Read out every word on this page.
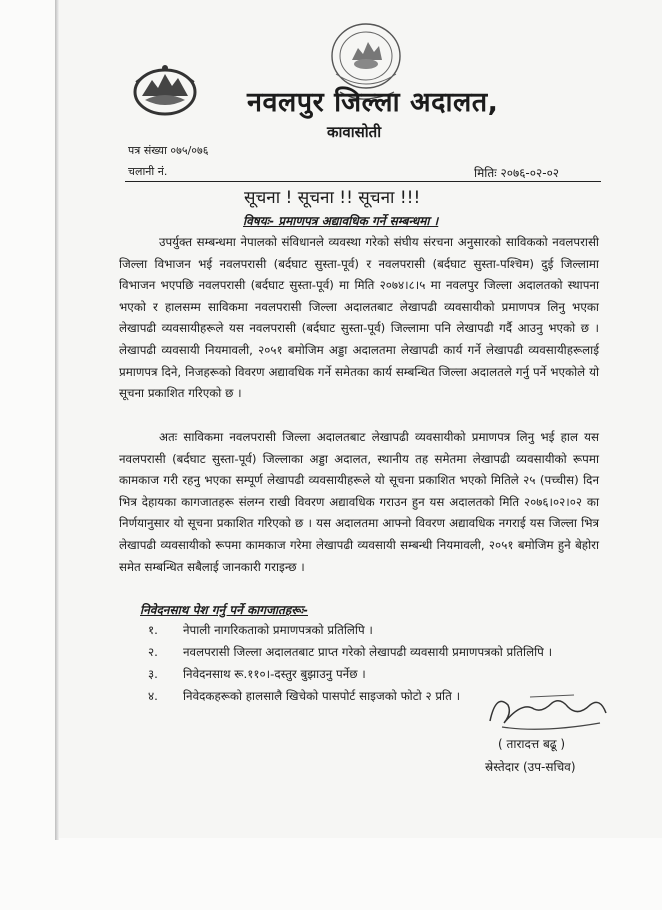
नवलपुर जिल्ला अदालत,
कावासोती
पत्र संख्या ०७५/०७६
चलानी नं.	मितिः २०७६-०२-०२
सूचना ! सूचना !! सूचना !!!
विषयः- प्रमाणपत्र अद्यावधिक गर्ने सम्बन्धमा ।

उपर्युक्त सम्बन्धमा नेपालको संविधानले व्यवस्था गरेको संघीय संरचना अनुसारको साविकको नवलपरासी जिल्ला विभाजन भई नवलपरासी (बर्दघाट सुस्ता-पूर्व) र नवलपरासी (बर्दघाट सुस्ता-पश्चिम) दुई जिल्लामा विभाजन भएपछि नवलपरासी (बर्दघाट सुस्ता-पूर्व) मा मिति २०७४।८।५ मा नवलपुर जिल्ला अदालतको स्थापना भएको र हालसम्म साविकमा नवलपरासी जिल्ला अदालतबाट लेखापढी व्यवसायीको प्रमाणपत्र लिनु भएका लेखापढी व्यवसायीहरूले यस नवलपरासी (बर्दघाट सुस्ता-पूर्व) जिल्लामा पनि लेखापढी गर्दै आउनु भएको छ । लेखापढी व्यवसायी नियमावली, २०५१ बमोजिम अड्डा अदालतमा लेखापढी कार्य गर्ने लेखापढी व्यवसायीहरूलाई प्रमाणपत्र दिने, निजहरूको विवरण अद्यावधिक गर्ने समेतका कार्य सम्बन्धित जिल्ला अदालतले गर्नु पर्ने भएकोले यो सूचना प्रकाशित गरिएको छ ।

अतः साविकमा नवलपरासी जिल्ला अदालतबाट लेखापढी व्यवसायीको प्रमाणपत्र लिनु भई हाल यस नवलपरासी (बर्दघाट सुस्ता-पूर्व) जिल्लाका अड्डा अदालत, स्थानीय तह समेतमा लेखापढी व्यवसायीको रूपमा कामकाज गरी रहनु भएका सम्पूर्ण लेखापढी व्यवसायीहरूले यो सूचना प्रकाशित भएको मितिले २५ (पच्चीस) दिन भित्र देहायका कागजातहरू संलग्न राखी विवरण अद्यावधिक गराउन हुन यस अदालतको मिति २०७६।०२।०२ का निर्णयानुसार यो सूचना प्रकाशित गरिएको छ । यस अदालतमा आफ्नो विवरण अद्यावधिक नगराई यस जिल्ला भित्र लेखापढी व्यवसायीको रूपमा कामकाज गरेमा लेखापढी व्यवसायी सम्बन्धी नियमावली, २०५१ बमोजिम हुने बेहोरा समेत सम्बन्धित सबैलाई जानकारी गराइन्छ ।

निवेदनसाथ पेश गर्नु पर्ने कागजातहरूः-
१. नेपाली नागरिकताको प्रमाणपत्रको प्रतिलिपि ।
२. नवलपरासी जिल्ला अदालतबाट प्राप्त गरेको लेखापढी व्यवसायी प्रमाणपत्रको प्रतिलिपि ।
३. निवेदनसाथ रू.११०।-दस्तुर बुझाउनु पर्नेछ ।
४. निवेदकहरूको हालसालै खिचेको पासपोर्ट साइजको फोटो २ प्रति ।
( तारादत्त बढू )
स्रेस्तेदार (उप-सचिव)
